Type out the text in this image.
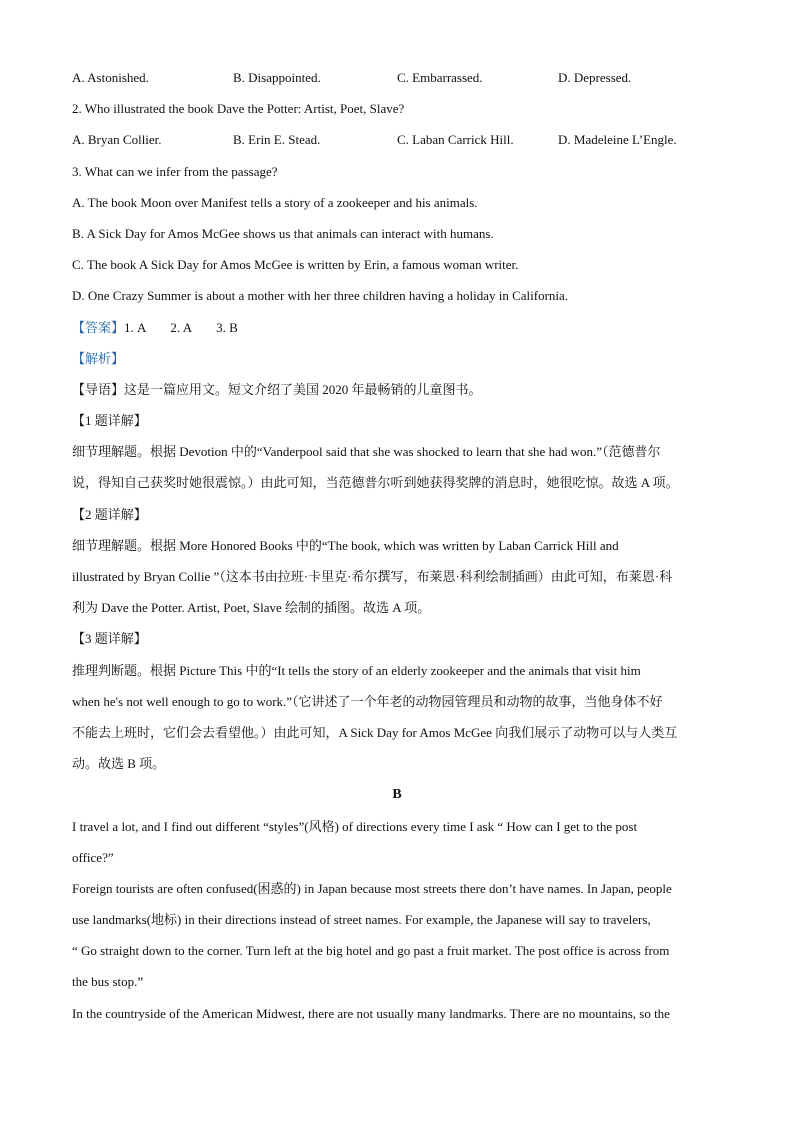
A. Astonished.	B. Disappointed.	C. Embarrassed.	D. Depressed.
2. Who illustrated the book Dave the Potter: Artist, Poet, Slave?
A. Bryan Collier.	B. Erin E. Stead.	C. Laban Carrick Hill.	D. Madeleine L’Engle.
3. What can we infer from the passage?
A. The book Moon over Manifest tells a story of a zookeeper and his animals.
B. A Sick Day for Amos McGee shows us that animals can interact with humans.
C. The book A Sick Day for Amos McGee is written by Erin, a famous woman writer.
D. One Crazy Summer is about a mother with her three children having a holiday in California.
【答案】1. A 2. A 3. B
【解析】
【导语】这是一篇应用文。短文介绍了美国 2020 年最畅销的儿童图书。
【1 题详解】
细节理解题。根据 Devotion 中的“Vanderpool said that she was shocked to learn that she had won.”（范德普尔
说，得知自己获奖时她很震惊。）由此可知，当范德普尔听到她获得奖牌的消息时，她很吃惊。故选 A 项。
【2 题详解】
细节理解题。根据 More Honored Books 中的“The book, which was written by Laban Carrick Hill and
illustrated by Bryan Collie ”（这本书由拉班·卡里克·希尔撰写，布莱恩·科利绘制插画）由此可知，布莱恩·科
利为 Dave the Potter. Artist, Poet, Slave 绘制的插图。故选 A 项。
【3 题详解】
推理判断题。根据 Picture This 中的“It tells the story of an elderly zookeeper and the animals that visit him
when he's not well enough to go to work.”（它讲述了一个年老的动物园管理员和动物的故事，当他身体不好
不能去上班时，它们会去看望他。）由此可知，A Sick Day for Amos McGee 向我们展示了动物可以与人类互
动。故选 B 项。
B
I travel a lot, and I find out different “styles”(风格) of directions every time I ask “ How can I get to the post
office?”
Foreign tourists are often confused(困惑的) in Japan because most streets there don’t have names. In Japan, people
use landmarks(地标) in their directions instead of street names. For example, the Japanese will say to travelers,
“ Go straight down to the corner. Turn left at the big hotel and go past a fruit market. The post office is across from
the bus stop.”
In the countryside of the American Midwest, there are not usually many landmarks. There are no mountains, so the
